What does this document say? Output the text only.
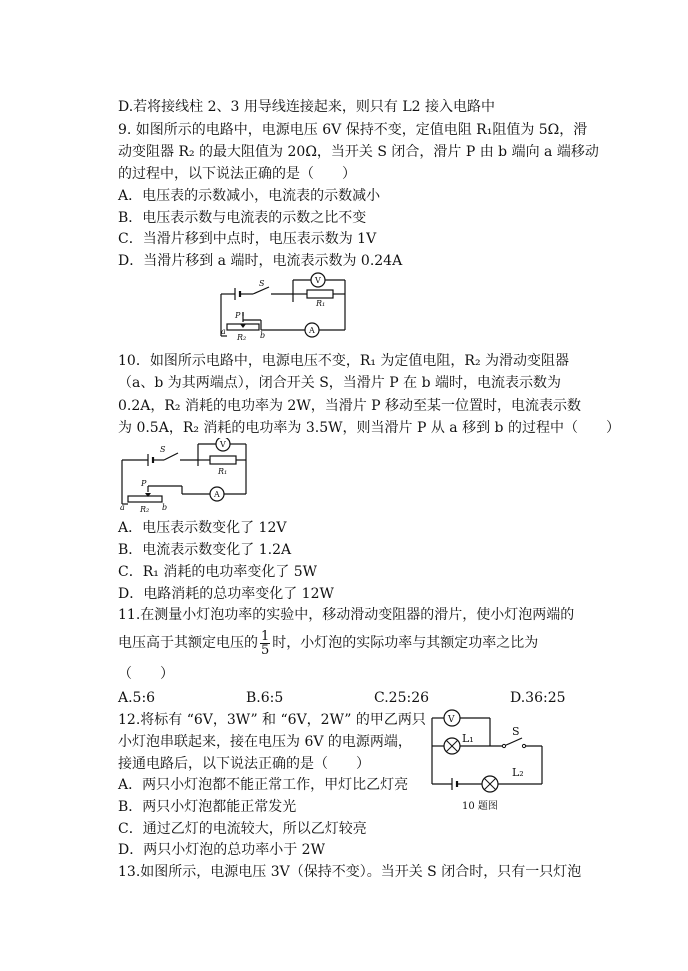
D.若将接线柱 2、3 用导线连接起来，则只有 L2 接入电路中
9. 如图所示的电路中，电源电压 6V 保持不变，定值电阻 R₁阻值为 5Ω，滑
动变阻器 R₂ 的最大阻值为 20Ω，当开关 S 闭合，滑片 P 由 b 端向 a 端移动
的过程中，以下说法正确的是（　　）
A．电压表的示数减小，电流表的示数减小
B．电压表示数与电流表的示数之比不变
C．当滑片移到中点时，电压表示数为 1V
D．当滑片移到 a 端时，电流表示数为 0.24A
S	V
A
R₁
R₂
P
a	b
10．如图所示电路中，电源电压不变，R₁ 为定值电阻，R₂ 为滑动变阻器
（a、b 为其两端点），闭合开关 S，当滑片 P 在 b 端时，电流表示数为
0.2A，R₂ 消耗的电功率为 2W，当滑片 P 移动至某一位置时，电流表示数
为 0.5A，R₂ 消耗的电功率为 3.5W，则当滑片 P 从 a 移到 b 的过程中（　　）
S
V
A
R₁
R₂
P
a	b
A．电压表示数变化了 12V
B．电流表示数变化了 1.2A
C．R₁ 消耗的电功率变化了 5W
D．电路消耗的总功率变化了 12W
11.在测量小灯泡功率的实验中，移动滑动变阻器的滑片，使小灯泡两端的
电压高于其额定电压的 $\frac{1}{5}$ 时，小灯泡的实际功率与其额定功率之比为
（　　）
A.5:6	B.6:5	C.25:26	D.36:25
12.将标有 “6V，3W” 和 “6V，2W” 的甲乙两只
小灯泡串联起来，接在电压为 6V 的电源两端，
接通电路后，以下说法正确的是（　　）
A．两只小灯泡都不能正常工作，甲灯比乙灯亮
B．两只小灯泡都能正常发光
C．通过乙灯的电流较大，所以乙灯较亮
D．两只小灯泡的总功率小于 2W
13.如图所示，电源电压 3V（保持不变）。当开关 S 闭合时，只有一只灯泡
V
L₁
S
L₂
10 题图
